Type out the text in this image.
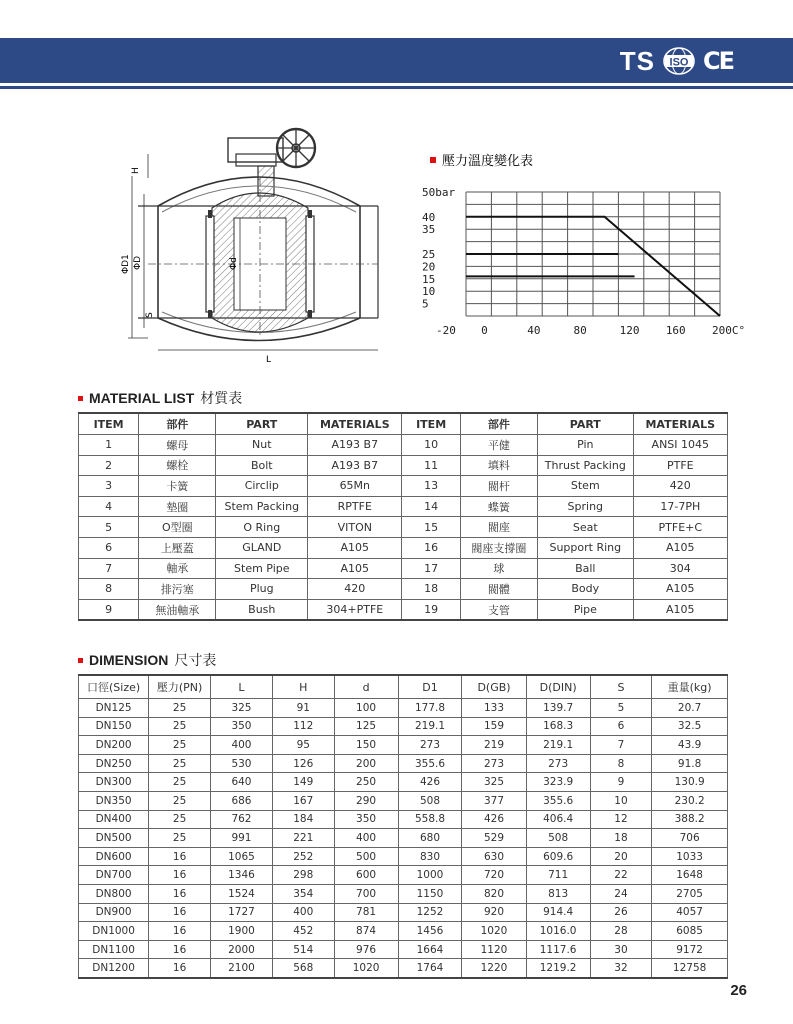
TS ISO CE
H
ΦD1 ΦD	Φd
S
L
壓力溫度變化表
50bar
40
35
25
20
15
10
5
-20 0	40	80	120 160 200C°
MATERIAL LIST 材質表
ITEM	部件	PART	MATERIALS	ITEM	部件	PART	MATERIALS
1	螺母	Nut	A193 B7	10	平健	Pin	ANSI 1045
2	螺栓	Bolt	A193 B7	11	填料	Thrust Packing	PTFE
3	卡簧	Circlip	65Mn	13	閥杆	Stem	420
4	墊圈	Stem Packing	RPTFE	14	蝶簧	Spring	17-7PH
5	O型圈	O Ring	VITON	15	閥座	Seat	PTFE+C
6	上壓蓋	GLAND	A105	16	閥座支撐圈	Support Ring	A105
7	軸承	Stem Pipe	A105	17	球	Ball	304
8	排污塞	Plug	420	18	閥體	Body	A105
9	無油軸承	Bush	304+PTFE	19	支管	Pipe	A105
DIMENSION 尺寸表
口徑(Size)	壓力(PN)	L	H	d	D1	D(GB)	D(DIN)	S	重量(kg)
DN125	25	325	91	100	177.8	133	139.7	5	20.7
DN150	25	350	112	125	219.1	159	168.3	6	32.5
DN200	25	400	95	150	273	219	219.1	7	43.9
DN250	25	530	126	200	355.6	273	273	8	91.8
DN300	25	640	149	250	426	325	323.9	9	130.9
DN350	25	686	167	290	508	377	355.6	10	230.2
DN400	25	762	184	350	558.8	426	406.4	12	388.2
DN500	25	991	221	400	680	529	508	18	706
DN600	16	1065	252	500	830	630	609.6	20	1033
DN700	16	1346	298	600	1000	720	711	22	1648
DN800	16	1524	354	700	1150	820	813	24	2705
DN900	16	1727	400	781	1252	920	914.4	26	4057
DN1000	16	1900	452	874	1456	1020	1016.0	28	6085
DN1100	16	2000	514	976	1664	1120	1117.6	30	9172
DN1200	16	2100	568	1020	1764	1220	1219.2	32	12758
26
